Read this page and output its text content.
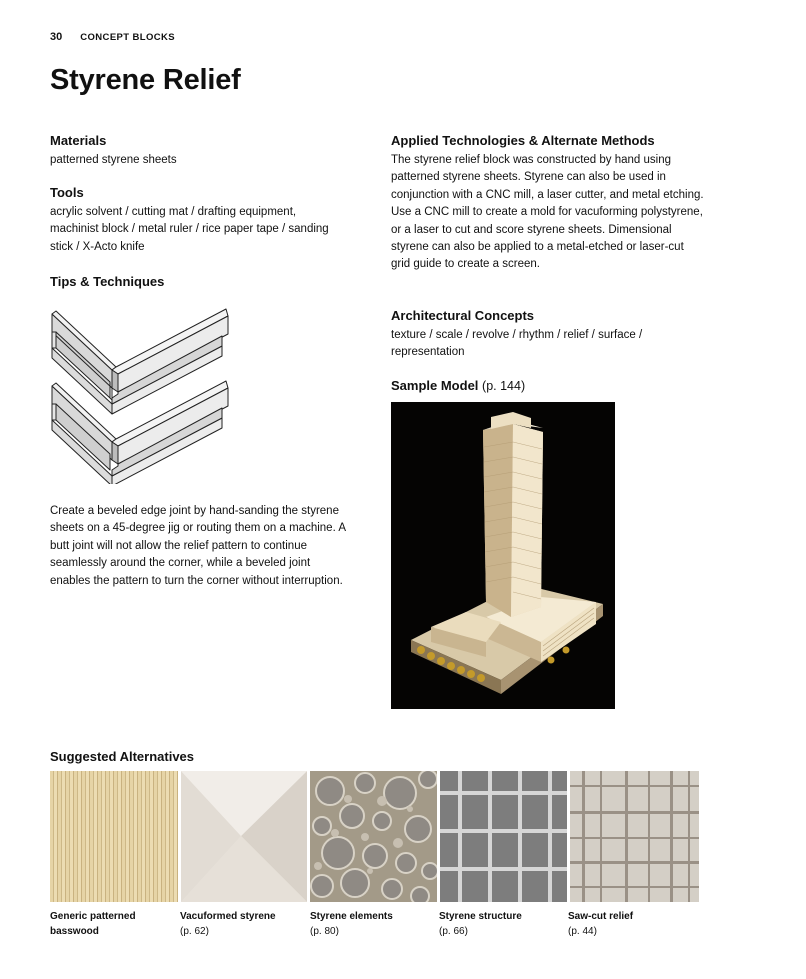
30 CONCEPT BLOCKS
Styrene Relief
Materials

patterned styrene sheets

Tools

acrylic solvent / cutting mat / drafting equipment, machinist block / metal ruler / rice paper tape / sanding stick / X-Acto knife

Tips & Techniques

Create a beveled edge joint by hand-sanding the styrene sheets on a 45-degree jig or routing them on a machine. A butt joint will not allow the relief pattern to continue seamlessly around the corner, while a beveled joint enables the pattern to turn the corner without interruption.

Applied Technologies & Alternate Methods

The styrene relief block was constructed by hand using patterned styrene sheets. Styrene can also be used in conjunction with a CNC mill, a laser cutter, and metal etching. Use a CNC mill to create a mold for vacuforming polystyrene, or a laser to cut and score styrene sheets. Dimensional styrene can also be applied to a metal-etched or laser-cut grid guide to create a screen.

Architectural Concepts

texture / scale / revolve / rhythm / relief / surface / representation

Sample Model (p. 144)
Suggested Alternatives
Generic patterned basswood
Vacuformed styrene
(p. 62)
Styrene elements
(p. 80)
Styrene structure
(p. 66)
Saw-cut relief
(p. 44)
